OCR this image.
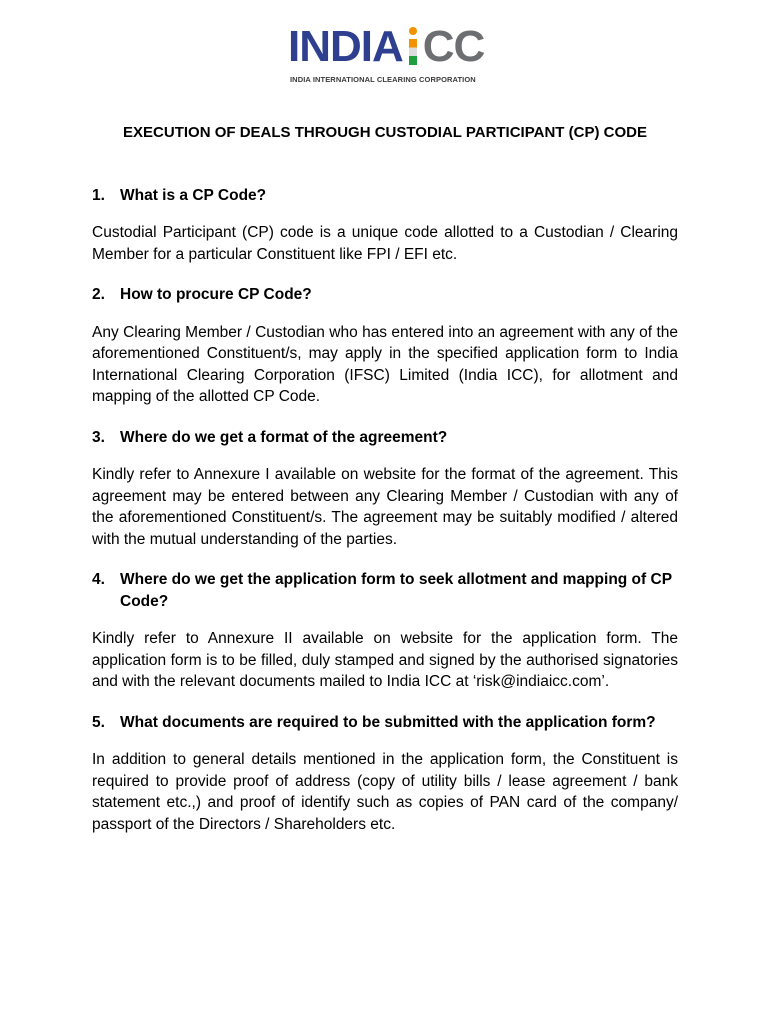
INDIA CC
INDIA INTERNATIONAL CLEARING CORPORATION
EXECUTION OF DEALS THROUGH CUSTODIAL PARTICIPANT (CP) CODE
1. What is a CP Code?
Custodial Participant (CP) code is a unique code allotted to a Custodian / Clearing Member for a particular Constituent like FPI / EFI etc.
2. How to procure CP Code?
Any Clearing Member / Custodian who has entered into an agreement with any of the aforementioned Constituent/s, may apply in the specified application form to India International Clearing Corporation (IFSC) Limited (India ICC), for allotment and mapping of the allotted CP Code.
3. Where do we get a format of the agreement?
Kindly refer to Annexure I available on website for the format of the agreement. This agreement may be entered between any Clearing Member / Custodian with any of the aforementioned Constituent/s. The agreement may be suitably modified / altered with the mutual understanding of the parties.
4. Where do we get the application form to seek allotment and mapping of CP Code?
Kindly refer to Annexure II available on website for the application form. The application form is to be filled, duly stamped and signed by the authorised signatories and with the relevant documents mailed to India ICC at ‘risk@indiaicc.com’.
5. What documents are required to be submitted with the application form?
In addition to general details mentioned in the application form, the Constituent is required to provide proof of address (copy of utility bills / lease agreement / bank statement etc.,) and proof of identify such as copies of PAN card of the company/ passport of the Directors / Shareholders etc.
